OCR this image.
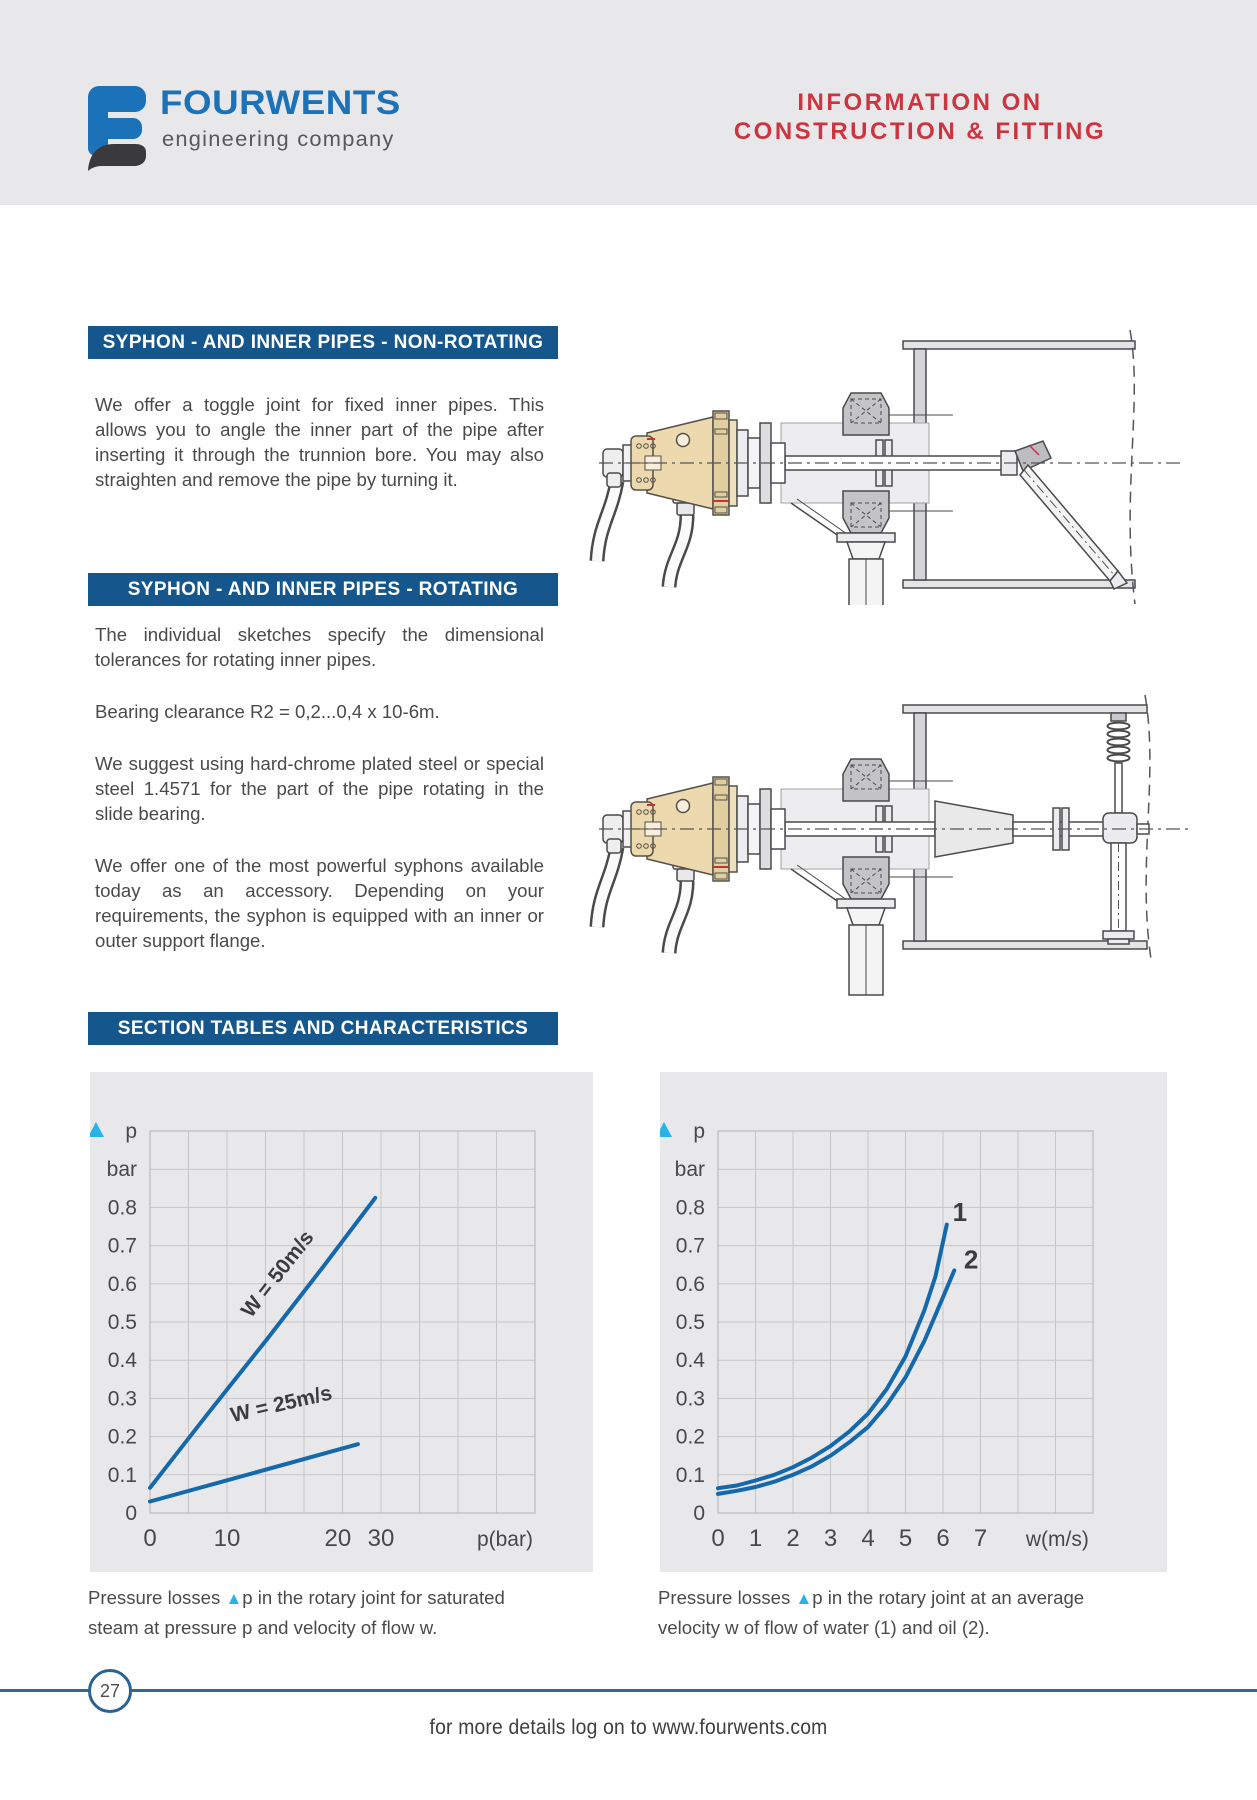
FOURWENTS
engineering company
INFORMATION ON
CONSTRUCTION & FITTING
SYPHON - AND INNER PIPES - NON-ROTATING

We offer a toggle joint for fixed inner pipes. This allows you to angle the inner part of the pipe after inserting it through the trunnion bore. You may also straighten and remove the pipe by turning it.

SYPHON - AND INNER PIPES - ROTATING

The individual sketches specify the dimensional tolerances for rotating inner pipes.

Bearing clearance R2 = 0,2...0,4 x 10-6m.

We suggest using hard-chrome plated steel or special steel 1.4571 for the part of the pipe rotating in the slide bearing.

We offer one of the most powerful syphons available today as an accessory. Depending on your requirements, the syphon is equipped with an inner or outer support flange.

SECTION TABLES AND CHARACTERISTICS
p
bar
0.8
0.7
0.6
0.5
0.4
0.3
0.2
0.1
0
0 10	20 30	p(bar)
W = 50m/s
W = 25m/s
p
bar
0.8
0.7
0.6
0.5
0.4
0.3
0.2
0.1
0
0 1 2 3 4 5 6 7 w(m/s)
1
2
Pressure losses ▲p in the rotary joint for saturated steam at pressure p and velocity of flow w.
Pressure losses ▲p in the rotary joint at an average velocity w of flow of water (1) and oil (2).
27
for more details log on to www.fourwents.com
